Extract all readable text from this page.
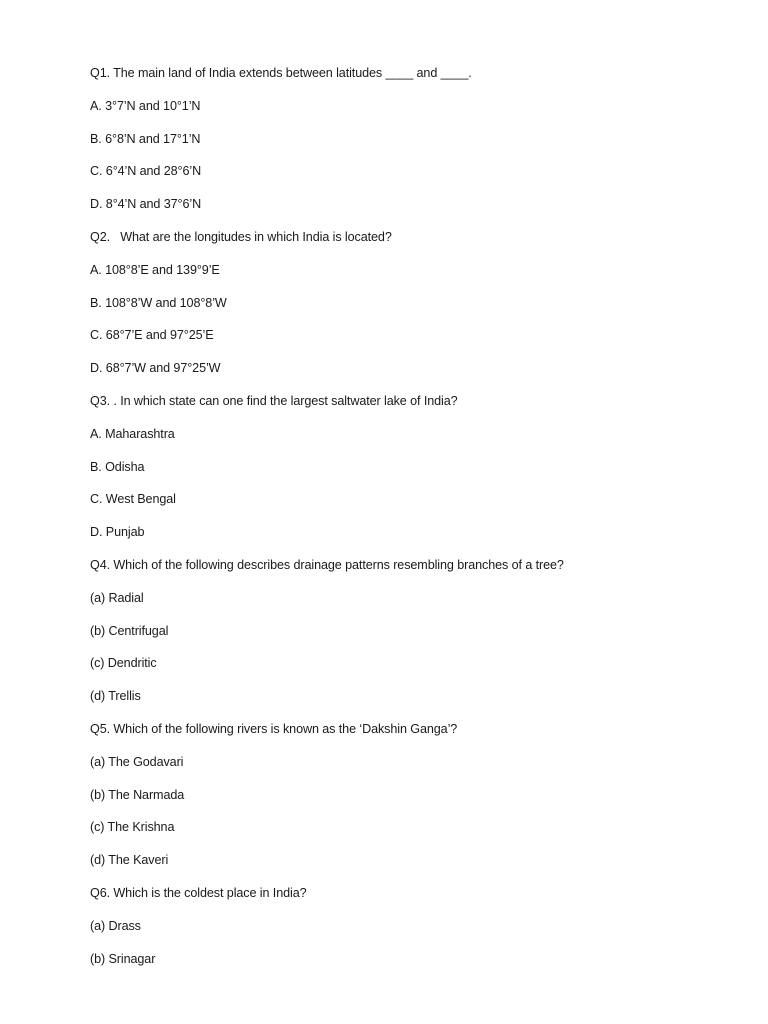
Q1. The main land of India extends between latitudes ____ and ____.
A. 3°7’N and 10°1’N
B. 6°8’N and 17°1’N
C. 6°4’N and 28°6’N
D. 8°4’N and 37°6’N
Q2.   What are the longitudes in which India is located?
A. 108°8’E and 139°9’E
B. 108°8’W and 108°8’W
C. 68°7’E and 97°25’E
D. 68°7’W and 97°25’W
Q3. . In which state can one find the largest saltwater lake of India?
A. Maharashtra
B. Odisha
C. West Bengal
D. Punjab
Q4. Which of the following describes drainage patterns resembling branches of a tree?
(a) Radial
(b) Centrifugal
(c) Dendritic
(d) Trellis
Q5. Which of the following rivers is known as the ‘Dakshin Ganga’?
(a) The Godavari
(b) The Narmada
(c) The Krishna
(d) The Kaveri
Q6. Which is the coldest place in India?
(a) Drass
(b) Srinagar
